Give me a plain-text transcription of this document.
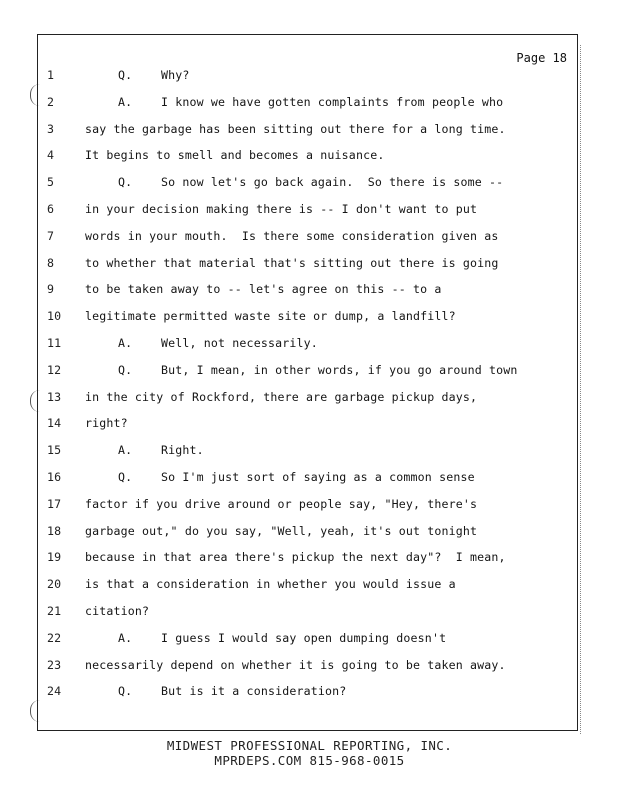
Page 18
1	Q. Why?
2	A. I know we have gotten complaints from people who
3	say the garbage has been sitting out there for a long time.
4	It begins to smell and becomes a nuisance.
5	Q. So now let's go back again.  So there is some --
6	in your decision making there is -- I don't want to put
7	words in your mouth.  Is there some consideration given as
8	to whether that material that's sitting out there is going
9	to be taken away to -- let's agree on this -- to a
10	legitimate permitted waste site or dump, a landfill?
11	A. Well, not necessarily.
12	Q. But, I mean, in other words, if you go around town
13	in the city of Rockford, there are garbage pickup days,
14	right?
15	A. Right.
16	Q. So I'm just sort of saying as a common sense
17	factor if you drive around or people say, "Hey, there's
18	garbage out," do you say, "Well, yeah, it's out tonight
19	because in that area there's pickup the next day"?  I mean,
20	is that a consideration in whether you would issue a
21	citation?
22	A. I guess I would say open dumping doesn't
23	necessarily depend on whether it is going to be taken away.
24	Q. But is it a consideration?
MIDWEST PROFESSIONAL REPORTING, INC.
MPRDEPS.COM 815-968-0015
